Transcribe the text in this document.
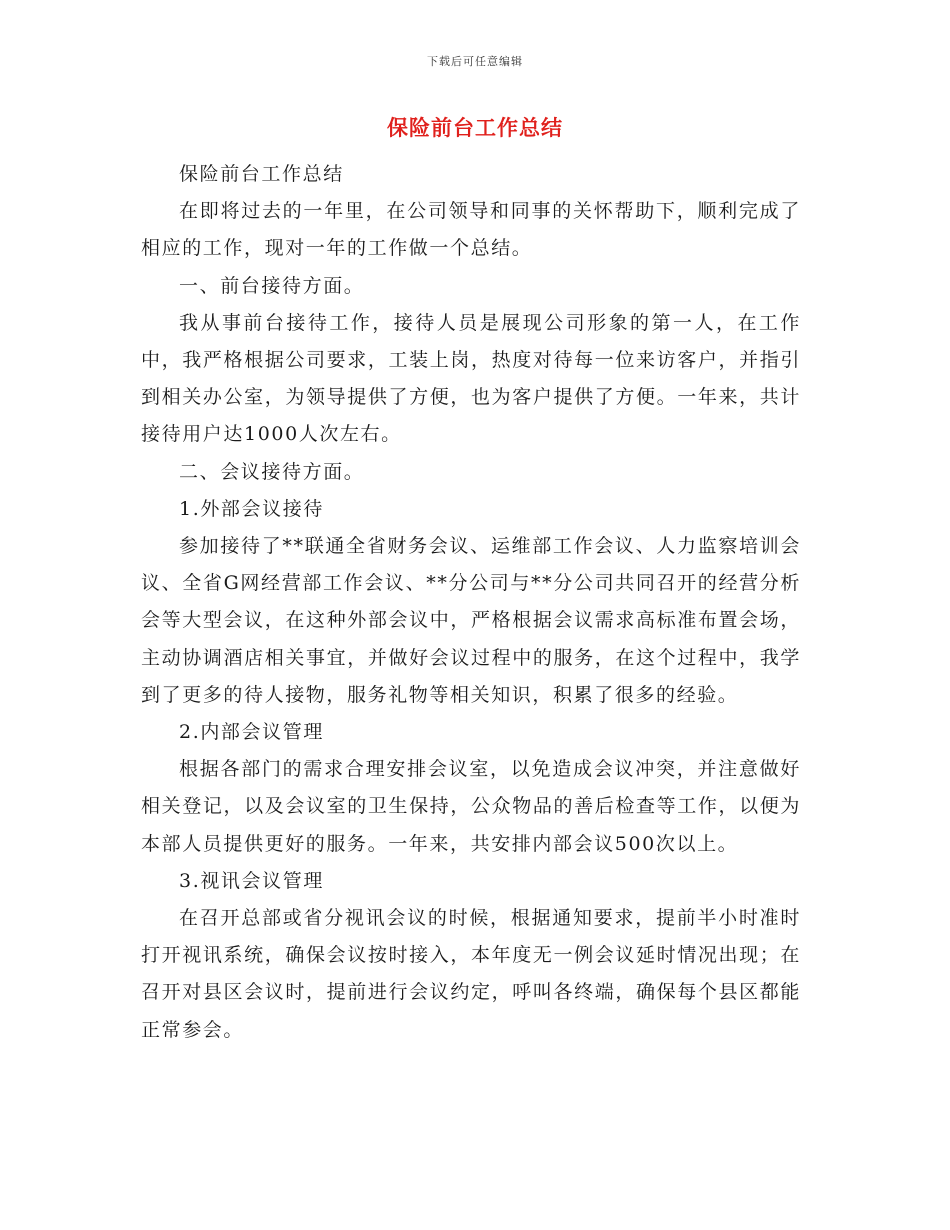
下载后可任意编辑
保险前台工作总结

保险前台工作总结

在即将过去的一年里，在公司领导和同事的关怀帮助下，顺利完成了相应的工作，现对一年的工作做一个总结。

一、前台接待方面。

我从事前台接待工作，接待人员是展现公司形象的第一人，在工作中，我严格根据公司要求，工装上岗，热度对待每一位来访客户，并指引到相关办公室，为领导提供了方便，也为客户提供了方便。一年来，共计接待用户达1000人次左右。

二、会议接待方面。

1.外部会议接待

参加接待了**联通全省财务会议、运维部工作会议、人力监察培训会议、全省G网经营部工作会议、**分公司与**分公司共同召开的经营分析会等大型会议，在这种外部会议中，严格根据会议需求高标准布置会场，主动协调酒店相关事宜，并做好会议过程中的服务，在这个过程中，我学到了更多的待人接物，服务礼物等相关知识，积累了很多的经验。

2.内部会议管理

根据各部门的需求合理安排会议室，以免造成会议冲突，并注意做好相关登记，以及会议室的卫生保持，公众物品的善后检查等工作，以便为本部人员提供更好的服务。一年来，共安排内部会议500次以上。

3.视讯会议管理

在召开总部或省分视讯会议的时候，根据通知要求，提前半小时准时打开视讯系统，确保会议按时接入，本年度无一例会议延时情况出现；在召开对县区会议时，提前进行会议约定，呼叫各终端，确保每个县区都能正常参会。
